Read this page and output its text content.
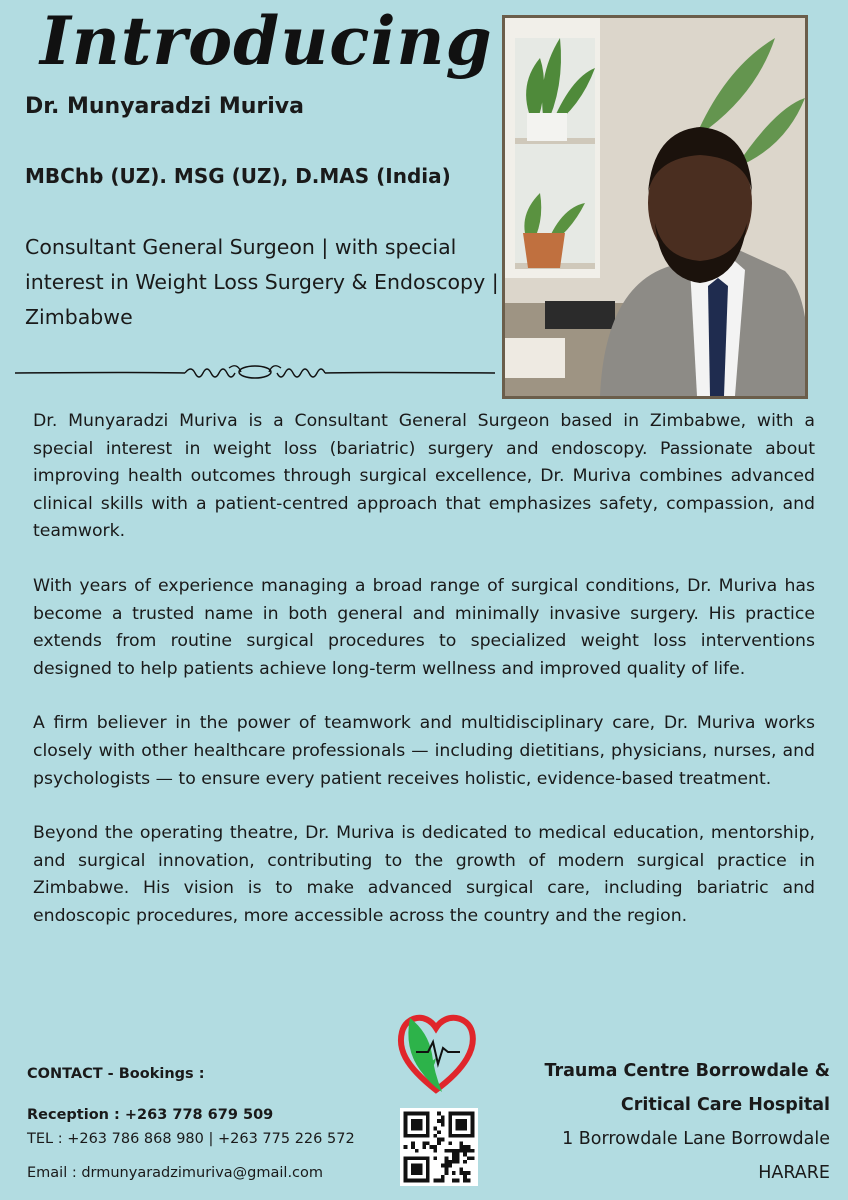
Introducing
Dr. Munyaradzi Muriva
MBChb (UZ). MSG (UZ), D.MAS (India)
Consultant General Surgeon | with special interest in Weight Loss Surgery & Endoscopy | Zimbabwe

Dr. Munyaradzi Muriva is a Consultant General Surgeon based in Zimbabwe, with a special interest in weight loss (bariatric) surgery and endoscopy. Passionate about improving health outcomes through surgical excellence, Dr. Muriva combines advanced clinical skills with a patient-centred approach that emphasizes safety, compassion, and teamwork.

With years of experience managing a broad range of surgical conditions, Dr. Muriva has become a trusted name in both general and minimally invasive surgery. His practice extends from routine surgical procedures to specialized weight loss interventions designed to help patients achieve long-term wellness and improved quality of life.

A firm believer in the power of teamwork and multidisciplinary care, Dr. Muriva works closely with other healthcare professionals — including dietitians, physicians, nurses, and psychologists — to ensure every patient receives holistic, evidence-based treatment.

Beyond the operating theatre, Dr. Muriva is dedicated to medical education, mentorship, and surgical innovation, contributing to the growth of modern surgical practice in Zimbabwe. His vision is to make advanced surgical care, including bariatric and endoscopic procedures, more accessible across the country and the region.

CONTACT - Bookings :
Reception : +263 778 679 509
TEL : +263 786 868 980 | +263 775 226 572
Email : drmunyaradzimuriva@gmail.com
Trauma Centre Borrowdale &
Critical Care Hospital
1 Borrowdale Lane Borrowdale
HARARE
